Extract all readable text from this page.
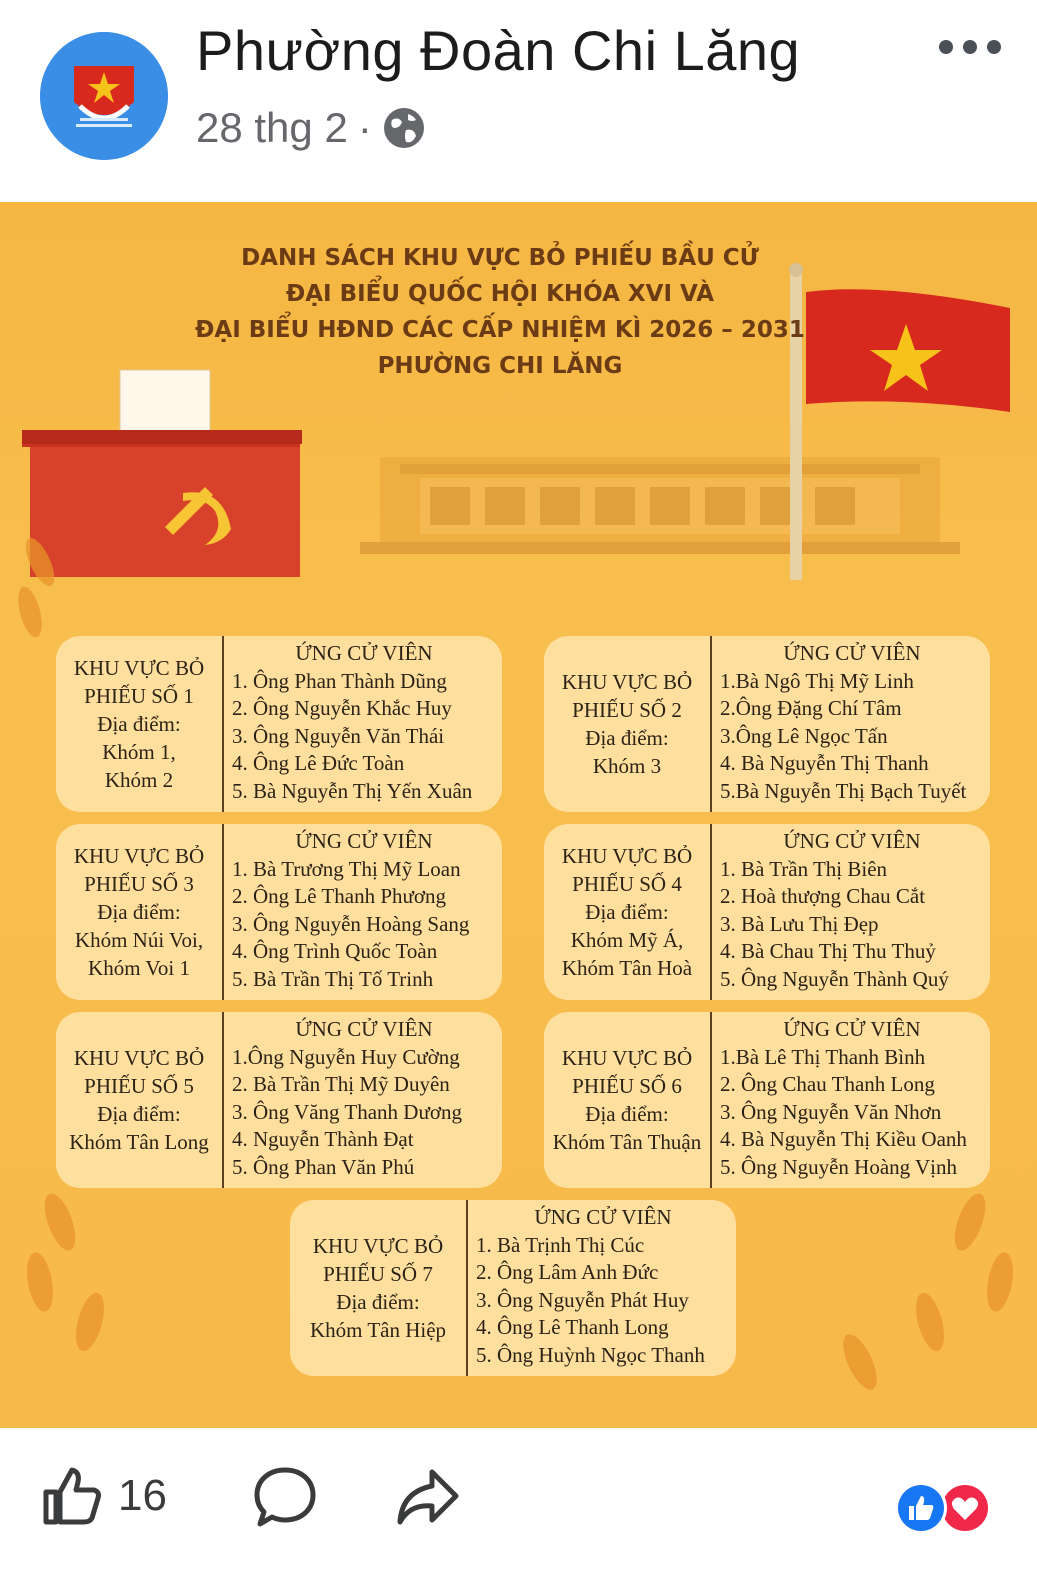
Phường Đoàn Chi Lăng
28 thg 2 ·
DANH SÁCH KHU VỰC BỎ PHIẾU BẦU CỬ
ĐẠI BIỂU QUỐC HỘI KHÓA XVI VÀ
ĐẠI BIỂU HĐND CÁC CẤP NHIỆM KÌ 2026 – 2031
PHƯỜNG CHI LĂNG
KHU VỰC BỎ
PHIẾU SỐ 1
Địa điểm:
Khóm 1,
Khóm 2
ỨNG CỬ VIÊN
1. Ông Phan Thành Dũng
2. Ông Nguyễn Khắc Huy
3. Ông Nguyễn Văn Thái
4. Ông Lê Đức Toàn
5. Bà Nguyễn Thị Yến Xuân
KHU VỰC BỎ
PHIẾU SỐ 2
Địa điểm:
Khóm 3
ỨNG CỬ VIÊN
1.Bà Ngô Thị Mỹ Linh
2.Ông Đặng Chí Tâm
3.Ông Lê Ngọc Tấn
4. Bà Nguyễn Thị Thanh
5.Bà Nguyễn Thị Bạch Tuyết
KHU VỰC BỎ
PHIẾU SỐ 3
Địa điểm:
Khóm Núi Voi,
Khóm Voi 1
ỨNG CỬ VIÊN
1. Bà Trương Thị Mỹ Loan
2. Ông Lê Thanh Phương
3. Ông Nguyễn Hoàng Sang
4. Ông Trình Quốc Toàn
5. Bà Trần Thị Tố Trinh
KHU VỰC BỎ
PHIẾU SỐ 4
Địa điểm:
Khóm Mỹ Á,
Khóm Tân Hoà
ỨNG CỬ VIÊN
1. Bà Trần Thị Biên
2. Hoà thượng Chau Cắt
3. Bà Lưu Thị Đẹp
4. Bà Chau Thị Thu Thuỷ
5. Ông Nguyễn Thành Quý
KHU VỰC BỎ
PHIẾU SỐ 5
Địa điểm:
Khóm Tân Long
ỨNG CỬ VIÊN
1.Ông Nguyễn Huy Cường
2. Bà Trần Thị Mỹ Duyên
3. Ông Văng Thanh Dương
4. Nguyễn Thành Đạt
5. Ông Phan Văn Phú
KHU VỰC BỎ
PHIẾU SỐ 6
Địa điểm:
Khóm Tân Thuận
ỨNG CỬ VIÊN
1.Bà Lê Thị Thanh Bình
2. Ông Chau Thanh Long
3. Ông Nguyễn Văn Nhơn
4. Bà Nguyễn Thị Kiều Oanh
5. Ông Nguyễn Hoàng Vịnh
KHU VỰC BỎ
PHIẾU SỐ 7
Địa điểm:
Khóm Tân Hiệp
ỨNG CỬ VIÊN
1. Bà Trịnh Thị Cúc
2. Ông Lâm Anh Đức
3. Ông Nguyễn Phát Huy
4. Ông Lê Thanh Long
5. Ông Huỳnh Ngọc Thanh
16
